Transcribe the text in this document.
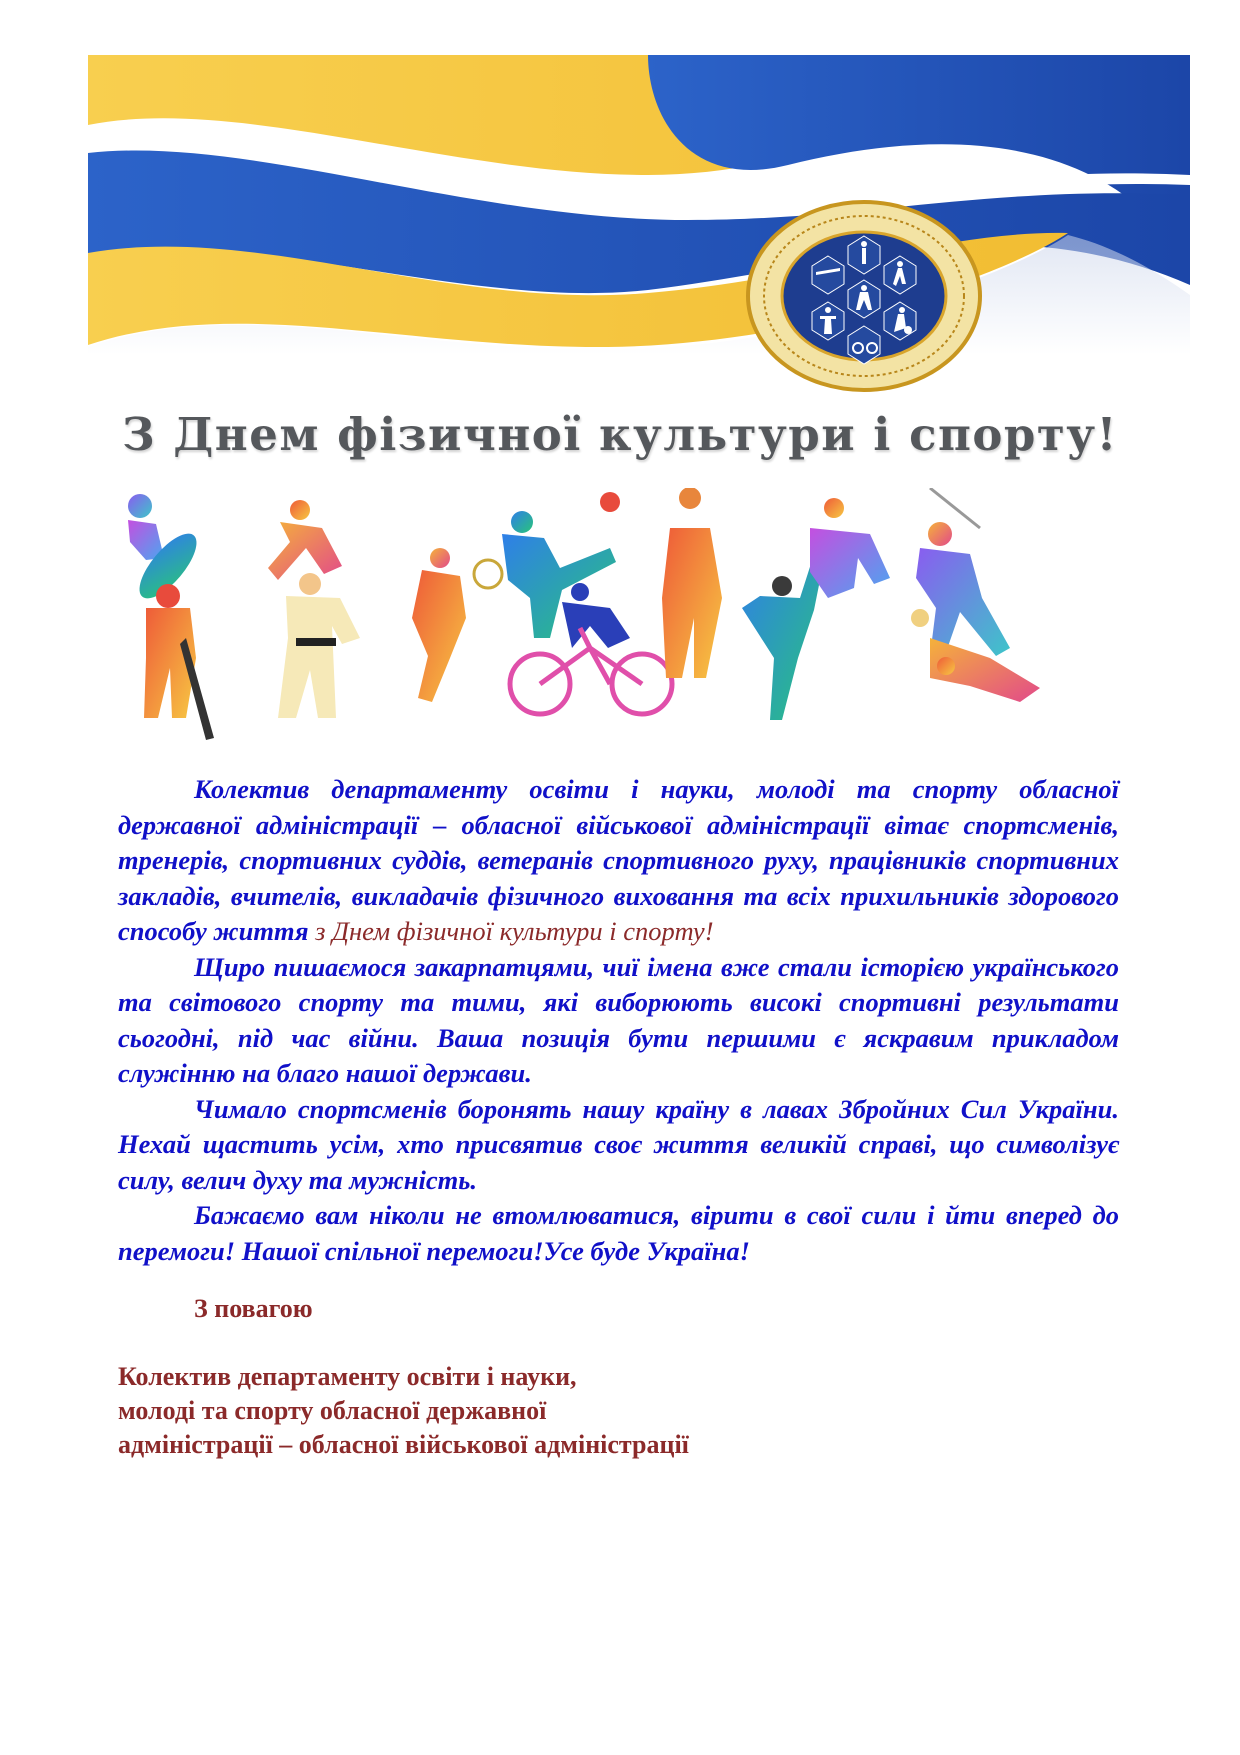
З Днем фізичної культури і спорту!

Колектив департаменту освіти і науки, молоді та спорту обласної державної адміністрації – обласної військової адміністрації вітає спортсменів, тренерів, спортивних суддів, ветеранів спортивного руху, працівників спортивних закладів, вчителів, викладачів фізичного виховання та всіх прихильників здорового способу життя з Днем фізичної культури і спорту!

Щиро пишаємося закарпатцями, чиї імена вже стали історією українського та світового спорту та тими, які виборюють високі спортивні результати сьогодні, під час війни. Ваша позиція бути першими є яскравим прикладом служінню на благо нашої держави.

Чимало спортсменів боронять нашу країну в лавах Збройних Сил України. Нехай щастить усім, хто присвятив своє життя великій справі, що символізує силу, велич духу та мужність.

Бажаємо вам ніколи не втомлюватися, вірити в свої сили і йти вперед до перемоги! Нашої спільної перемоги!Усе буде Україна!

З повагою

Колектив департаменту освіти і науки,

молоді та спорту обласної державної

адміністрації – обласної військової адміністрації
